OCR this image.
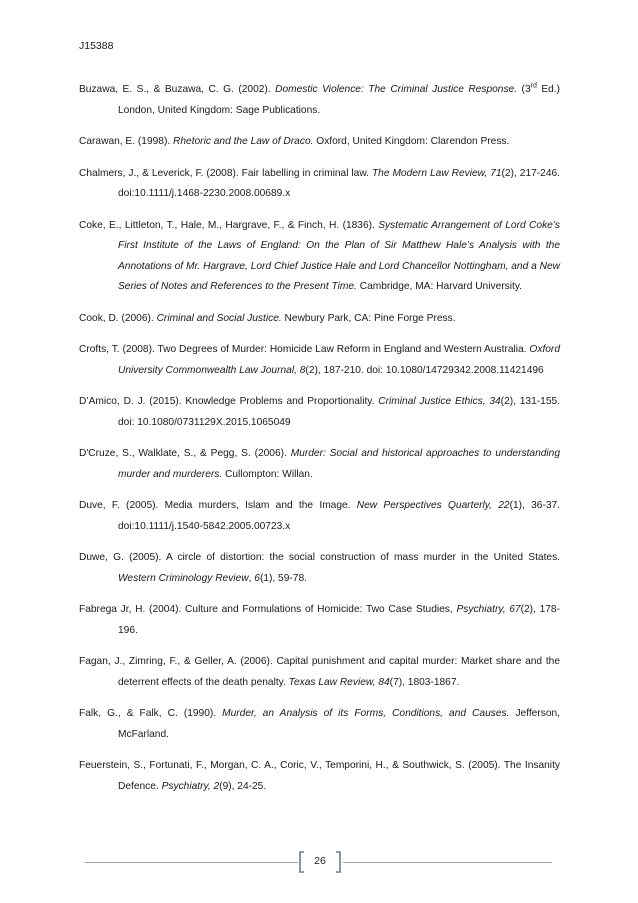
J15388

Buzawa, E. S., & Buzawa, C. G. (2002). Domestic Violence: The Criminal Justice Response. (3rd Ed.) London, United Kingdom: Sage Publications.

Carawan, E. (1998). Rhetoric and the Law of Draco. Oxford, United Kingdom: Clarendon Press.

Chalmers, J., & Leverick, F. (2008). Fair labelling in criminal law. The Modern Law Review, 71(2), 217-246. doi:10.1111/j.1468-2230.2008.00689.x

Coke, E., Littleton, T., Hale, M., Hargrave, F., & Finch, H. (1836). Systematic Arrangement of Lord Coke’s First Institute of the Laws of England: On the Plan of Sir Matthew Hale’s Analysis with the Annotations of Mr. Hargrave, Lord Chief Justice Hale and Lord Chancellor Nottingham, and a New Series of Notes and References to the Present Time. Cambridge, MA: Harvard University.

Cook, D. (2006). Criminal and Social Justice. Newbury Park, CA: Pine Forge Press.

Crofts, T. (2008). Two Degrees of Murder: Homicide Law Reform in England and Western Australia. Oxford University Commonwealth Law Journal, 8(2), 187-210. doi: 10.1080/14729342.2008.11421496

D’Amico, D. J. (2015). Knowledge Problems and Proportionality. Criminal Justice Ethics, 34(2), 131-155. doi: 10.1080/0731129X.2015.1065049

D'Cruze, S., Walklate, S., & Pegg, S. (2006). Murder: Social and historical approaches to understanding murder and murderers. Cullompton: Willan.

Duve, F. (2005). Media murders, Islam and the Image. New Perspectives Quarterly, 22(1), 36-37. doi:10.1111/j.1540-5842.2005.00723.x

Duwe, G. (2005). A circle of distortion: the social construction of mass murder in the United States. Western Criminology Review, 6(1), 59-78.

Fabrega Jr, H. (2004). Culture and Formulations of Homicide: Two Case Studies, Psychiatry, 67(2), 178-196.

Fagan, J., Zimring, F., & Geller, A. (2006). Capital punishment and capital murder: Market share and the deterrent effects of the death penalty. Texas Law Review, 84(7), 1803-1867.

Falk, G., & Falk, C. (1990). Murder, an Analysis of its Forms, Conditions, and Causes. Jefferson, McFarland.

Feuerstein, S., Fortunati, F., Morgan, C. A., Coric, V., Temporini, H., & Southwick, S. (2005). The Insanity Defence. Psychiatry, 2(9), 24-25.

26
